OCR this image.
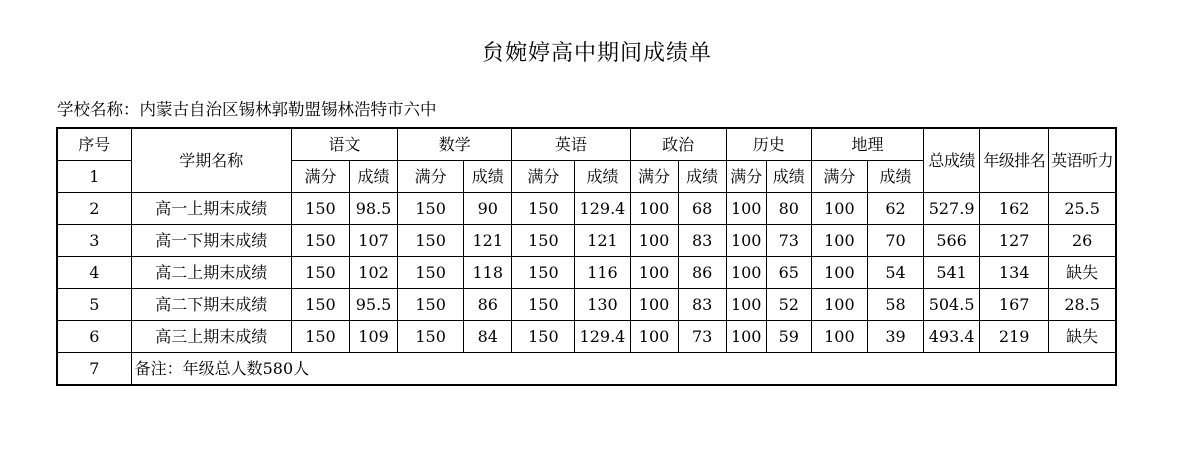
贠婉婷高中期间成绩单
学校名称：内蒙古自治区锡林郭勒盟锡林浩特市六中
序号	学期名称	语文		数学		英语		政治		历史		地理		总成绩	年级排名	英语听力
1		满分	成绩	满分	成绩	满分	成绩	满分	成绩	满分	成绩	满分	成绩			
2	高一上期末成绩	150	98.5	150	90	150	129.4	100	68	100	80	100	62	527.9	162	25.5
3	高一下期末成绩	150	107	150	121	150	121	100	83	100	73	100	70	566	127	26
4	高二上期末成绩	150	102	150	118	150	116	100	86	100	65	100	54	541	134	缺失
5	高二下期末成绩	150	95.5	150	86	150	130	100	83	100	52	100	58	504.5	167	28.5
6	高三上期末成绩	150	109	150	84	150	129.4	100	73	100	59	100	39	493.4	219	缺失
7	备注：年级总人数580人															
